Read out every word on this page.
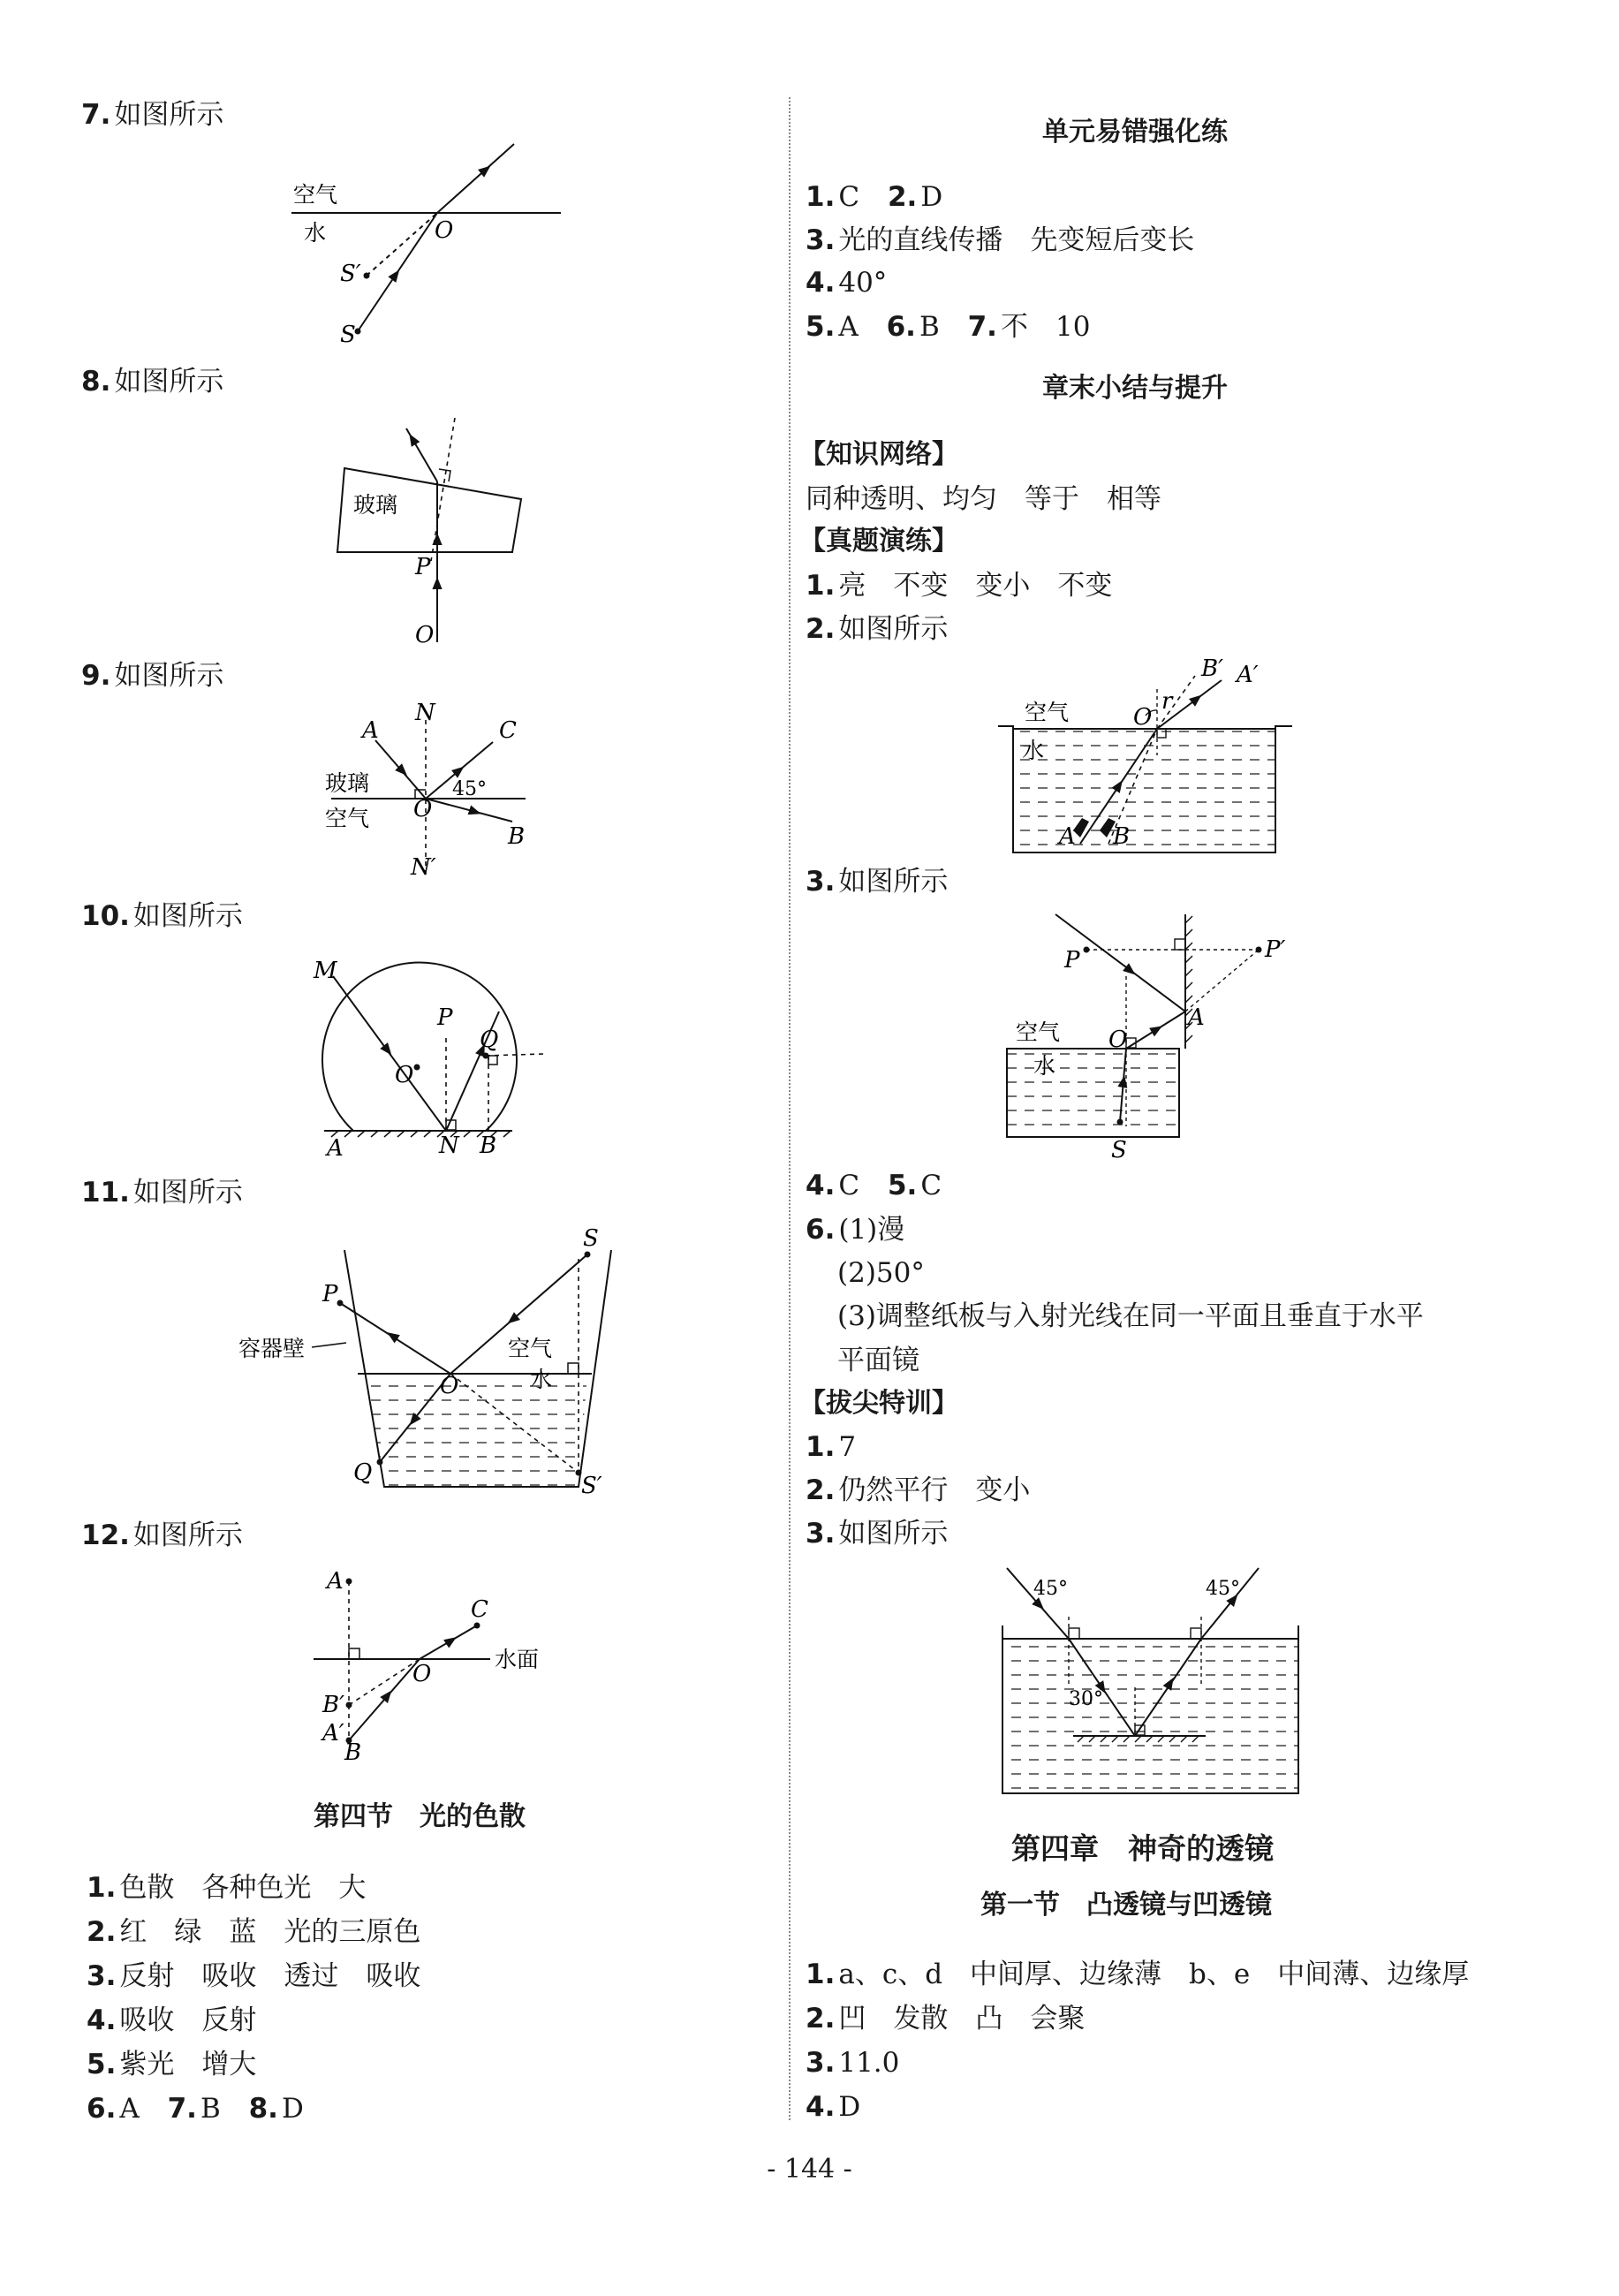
7. 如图所示
空气
水	O
S′
S
8. 如图所示
玻璃
P
O
9. 如图所示
A
N
C
玻璃
空气 O
45°
B
N′
10. 如图所示
M
P
Q
O
A	N B
11. 如图所示
S
P
容器壁	空气
水
O
Q	S′
12. 如图所示
A
C
水面
O
B′
A′
B
第四节　光的色散
1. 色散　各种色光　大
2. 红　绿　蓝　光的三原色
3. 反射　吸收　透过　吸收
4. 吸收　反射
5. 紫光　增大
6. A 7. B 8. D
单元易错强化练
1. C 2. D
3. 光的直线传播　先变短后变长
4. 40°
5. A 6. B 7. 不　10
章末小结与提升
【知识网络】
同种透明、均匀　等于　相等
【真题演练】
1. 亮　不变　变小　不变
2. 如图所示
B′ A′
r
空气	O
水
A B
3. 如图所示
P	P′
空气 O
A
水
S
4. C 5. C
6. (1)漫
(2)50°
(3)调整纸板与入射光线在同一平面且垂直于水平
平面镜
【拔尖特训】
1. 7
2. 仍然平行　变小
3. 如图所示
45°	45°
30°
第四章　神奇的透镜
第一节　凸透镜与凹透镜
1. a、c、d　中间厚、边缘薄　b、e　中间薄、边缘厚
2. 凹　发散　凸　会聚
3. 11.0
4. D
- 144 -
